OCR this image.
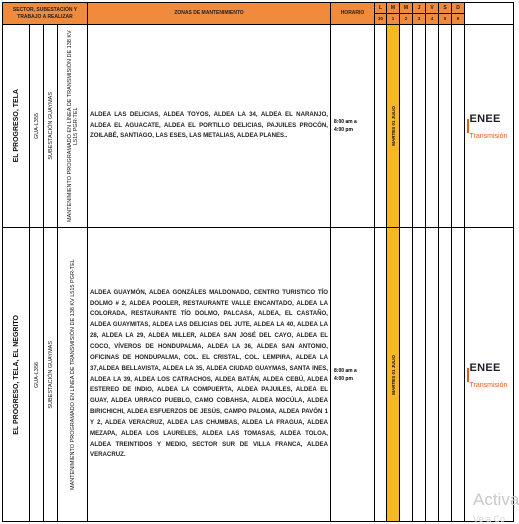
SECTOR, SUBESTACIÓN Y TRABAJO A REALIZAR				ZONAS DE MANTENIMIENTO	HORARIO	L	M	M	J	V	S	D	
						30	1	2	3	4	5	6	

EL PROGRESO, TELA	GUA-L355	SUBESTACIÓN GUAYMAS	MANTENIMIENTO PROGRAMADO EN LÍNEA DE TRANSMISIÓN DE 138 KV L515 PGR-TEL	ALDEA LAS DELICIAS, ALDEA TOYOS, ALDEA LA 34, ALDEA EL NARANJO, ALDEA EL AGUACATE, ALDEA EL PORTILLO DELICIAS, PAJUILES PROCÓN, ZOILABÉ, SANTIAGO, LAS ESES, LAS METALIAS, ALDEA PLANES..	8:00 am a
4:00 pm		MARTES 01 JULIO						ENEE
Transmisión

EL PROGRESO, TELA, EL NEGRITO	GUA-L356	SUBESTACIÓN GUAYMAS	MANTENIMIENTO PROGRAMADO EN LÍNEA DE TRANSMISIÓN DE 138 KV L515 PGR-TEL	ALDEA GUAYMÓN, ALDEA GONZÁLES MALDONADO, CENTRO TURISTICO TÍO DOLMO # 2, ALDEA POOLER, RESTAURANTE VALLE ENCANTADO, ALDEA LA COLORADA, RESTAURANTE TÍO DOLMO, PALCASA, ALDEA, EL CASTAÑO, ALDEA GUAYMITAS, ALDEA LAS DELICIAS DEL JUTE, ALDEA LA 40, ALDEA LA 28, ALDEA LA 29, ALDEA MILLER, ALDEA SAN JOSÉ DEL CAYO, ALDEA EL COCO, VÍVEROS DE HONDUPALMA, ALDEA LA 36, ALDEA SAN ANTONIO, OFICINAS DE HONDUPALMA, COL. EL CRISTAL, COL. LEMPIRA, ALDEA LA 37,ALDEA BELLAVISTA, ALDEA LA 35, ALDEA CIUDAD GUAYMAS, SANTA INES, ALDEA LA 39, ALDEA LOS CATRACHOS, ALDEA BATÁN, ALDEA CEBÚ, ALDEA ESTEREO DE INDIO, ALDEA LA COMPUERTA, ALDEA PAJUILES, ALDEA EL GUAY, ALDEA URRACO PUEBLO, CAMO COBAHSA, ALDEA MOCÚLA, ALDEA BIRICHICHI, ALDEA ESFUERZOS DE JESÚS, CAMPO PALOMA, ALDEA PAVÓN 1 Y 2, ALDEA VERACRUZ, ALDEA LAS CHUMBAS, ALDEA LA FRAGUA, ALDEA MEZAPA, ALDEA LOS LAURELES, ALDEA LAS TOMASAS, ALDEA TOLOA, ALDEA TREINTIDOS Y MEDIO, SECTOR SUR DE VILLA FRANCA, ALDEA VERACRUZ.	8:00 am a
4:00 pm		MARTES 01 JULIO						ENEE
Transmisión
Activa
Ve a Co
